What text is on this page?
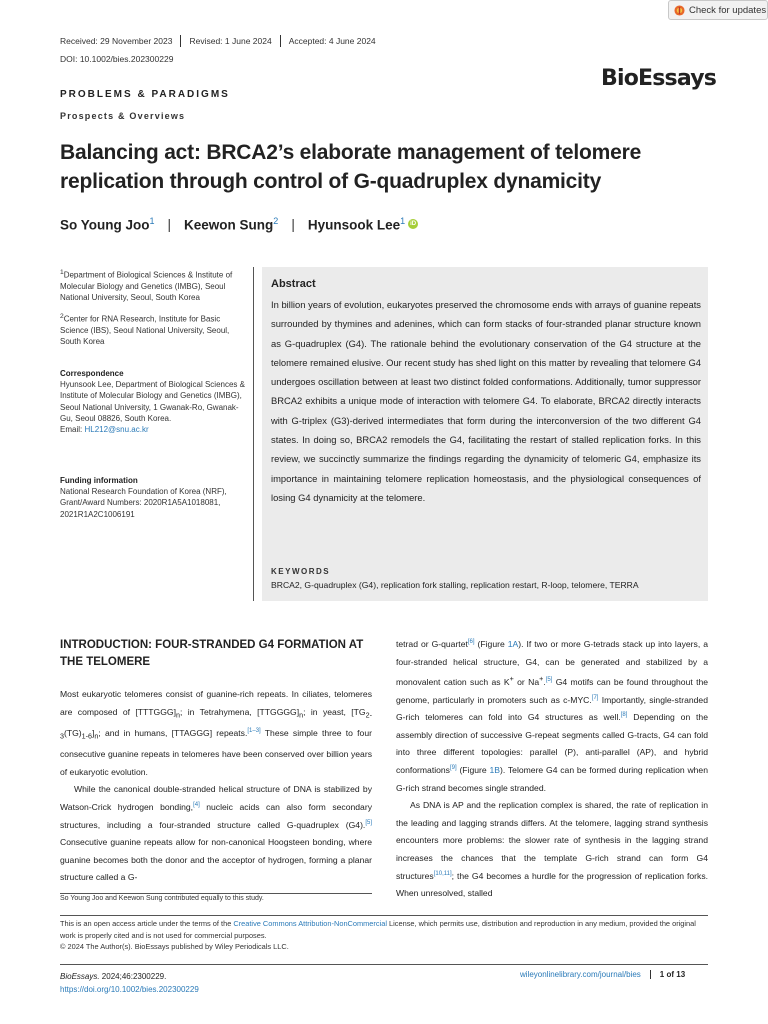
Check for updates
Received: 29 November 2023	Revised: 1 June 2024	Accepted: 4 June 2024
DOI: 10.1002/bies.202300229
BioEssays
PROBLEMS & PARADIGMS
Prospects & Overviews
Balancing act: BRCA2’s elaborate management of telomere replication through control of G-quadruplex dynamicity
So Young Joo$^1$ | Keewon Sung$^2$ | Hyunsook Lee$^1$ iD
$^1$Department of Biological Sciences & Institute of Molecular Biology and Genetics (IMBG), Seoul National University, Seoul, South Korea
$^2$Center for RNA Research, Institute for Basic Science (IBS), Seoul National University, Seoul, South Korea
Correspondence
Hyunsook Lee, Department of Biological Sciences & Institute of Molecular Biology and Genetics (IMBG), Seoul National University, 1 Gwanak-Ro, Gwanak-Gu, Seoul 08826, South Korea.
Email: HL212@snu.ac.kr
Funding information
National Research Foundation of Korea (NRF), Grant/Award Numbers: 2020R1A5A1018081, 2021R1A2C1006191
Abstract
In billion years of evolution, eukaryotes preserved the chromosome ends with arrays of guanine repeats surrounded by thymines and adenines, which can form stacks of four-stranded planar structure known as G-quadruplex (G4). The rationale behind the evolutionary conservation of the G4 structure at the telomere remained elusive. Our recent study has shed light on this matter by revealing that telomere G4 undergoes oscillation between at least two distinct folded conformations. Additionally, tumor suppressor BRCA2 exhibits a unique mode of interaction with telomere G4. To elaborate, BRCA2 directly interacts with G-triplex (G3)-derived intermediates that form during the interconversion of the two different G4 states. In doing so, BRCA2 remodels the G4, facilitating the restart of stalled replication forks. In this review, we succinctly summarize the findings regarding the dynamicity of telomeric G4, emphasize its importance in maintaining telomere replication homeostasis, and the physiological consequences of losing G4 dynamicity at the telomere.
KEYWORDS
BRCA2, G-quadruplex (G4), replication fork stalling, replication restart, R-loop, telomere, TERRA
INTRODUCTION: FOUR-STRANDED G4 FORMATION AT THE TELOMERE

Most eukaryotic telomeres consist of guanine-rich repeats. In ciliates, telomeres are composed of $[TTTGGG]_n$; in Tetrahymena, $[TTGGGG]_n$; in yeast, $[TG_{2-3}(TG)_{1-6}]_n$; and in humans, [TTAGGG] repeats.[1–3] These simple three to four consecutive guanine repeats in telomeres have been conserved over billion years of eukaryotic evolution.

While the canonical double-stranded helical structure of DNA is stabilized by Watson-Crick hydrogen bonding,[4] nucleic acids can also form secondary structures, including a four-stranded structure called G-quadruplex (G4).[5] Consecutive guanine repeats allow for non-canonical Hoogsteen bonding, where guanine becomes both the donor and the acceptor of hydrogen, forming a planar structure called a G-

tetrad or G-quartet[6] (Figure 1A). If two or more G-tetrads stack up into layers, a four-stranded helical structure, G4, can be generated and stabilized by a monovalent cation such as K+ or Na+.[5] G4 motifs can be found throughout the genome, particularly in promoters such as c-MYC.[7] Importantly, single-stranded G-rich telomeres can fold into G4 structures as well.[8] Depending on the assembly direction of successive G-repeat segments called G-tracts, G4 can fold into three different topologies: parallel (P), anti-parallel (AP), and hybrid conformations[9] (Figure 1B). Telomere G4 can be formed during replication when G-rich strand becomes single stranded.

As DNA is AP and the replication complex is shared, the rate of replication in the leading and lagging strands differs. At the telomere, lagging strand synthesis encounters more problems: the slower rate of synthesis in the lagging strand increases the chances that the template G-rich strand can form G4 structures[10,11]; the G4 becomes a hurdle for the progression of replication forks. When unresolved, stalled

So Young Joo and Keewon Sung contributed equally to this study.
This is an open access article under the terms of the Creative Commons Attribution-NonCommercial License, which permits use, distribution and reproduction in any medium, provided the original work is properly cited and is not used for commercial purposes.
© 2024 The Author(s). BioEssays published by Wiley Periodicals LLC.
BioEssays. 2024;46:2300229.
https://doi.org/10.1002/bies.202300229
wileyonlinelibrary.com/journal/bies	1 of 13
